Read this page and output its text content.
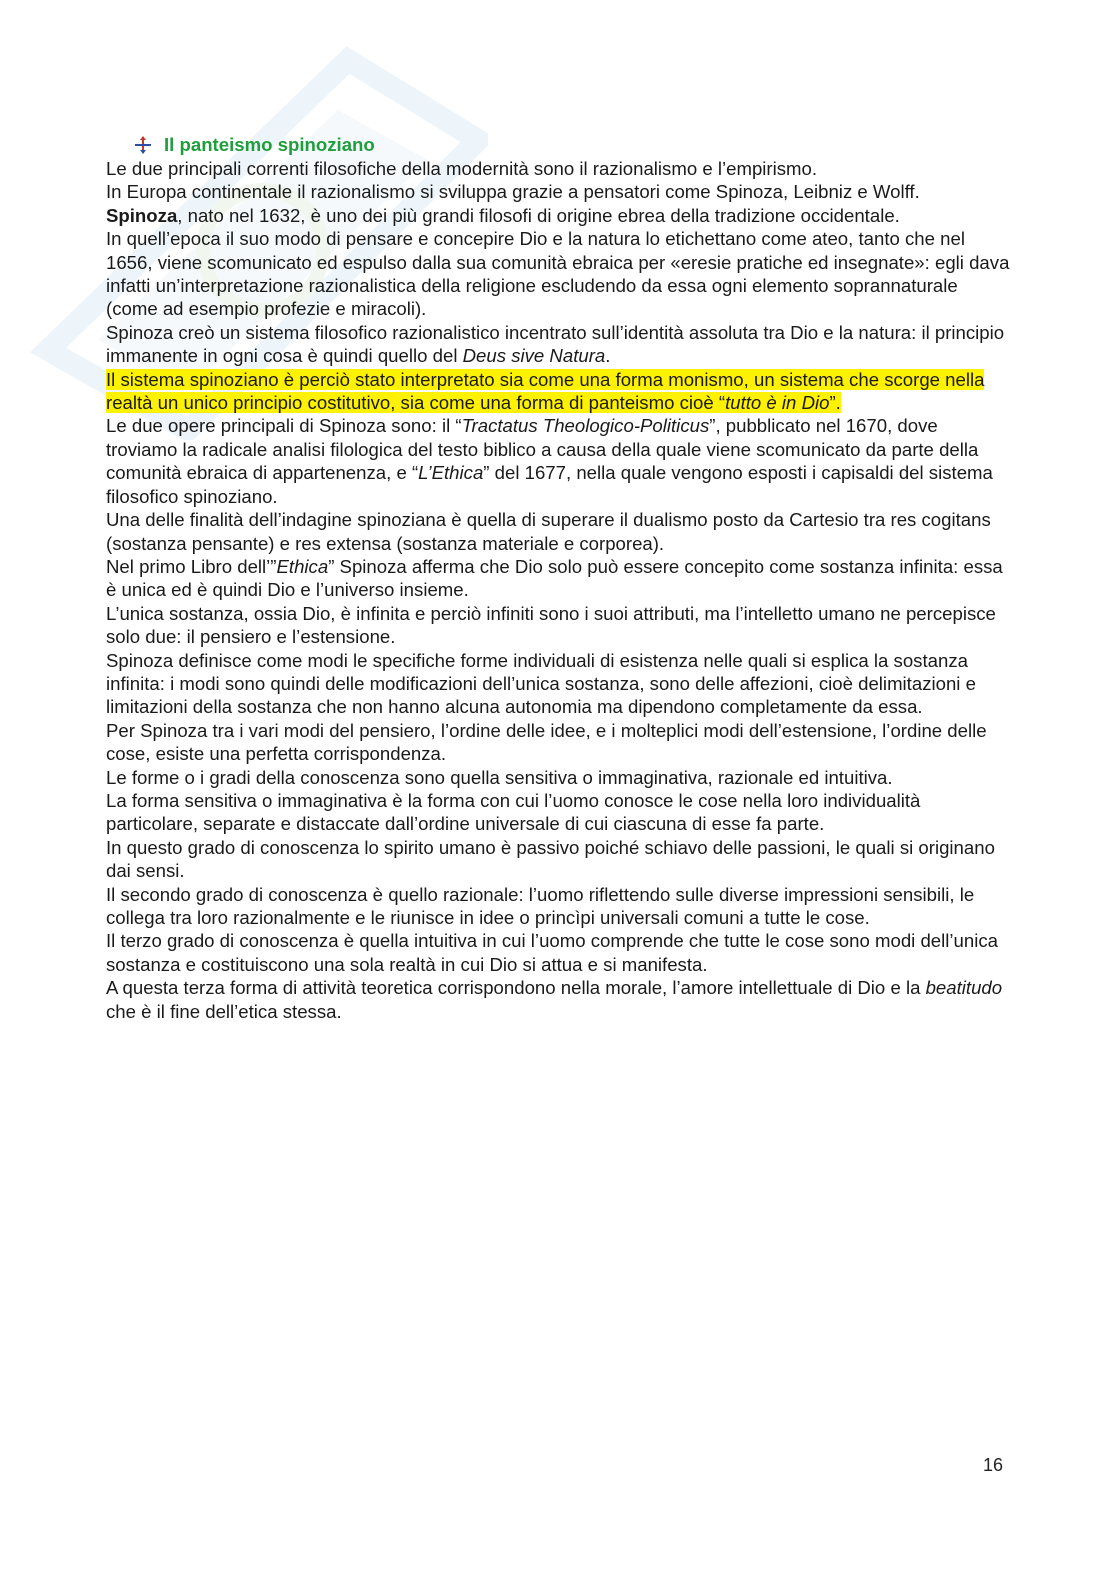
Il panteismo spinoziano

Le due principali correnti filosofiche della modernità sono il razionalismo e l’empirismo.

In Europa continentale il razionalismo si sviluppa grazie a pensatori come Spinoza, Leibniz e Wolff.

Spinoza, nato nel 1632, è uno dei più grandi filosofi di origine ebrea della tradizione occidentale.

In quell’epoca il suo modo di pensare e concepire Dio e la natura lo etichettano come ateo, tanto che nel 1656, viene scomunicato ed espulso dalla sua comunità ebraica per «eresie pratiche ed insegnate»: egli dava infatti un’interpretazione razionalistica della religione escludendo da essa ogni elemento soprannaturale (come ad esempio profezie e miracoli).

Spinoza creò un sistema filosofico razionalistico incentrato sull’identità assoluta tra Dio e la natura: il principio immanente in ogni cosa è quindi quello del Deus sive Natura.

Il sistema spinoziano è perciò stato interpretato sia come una forma monismo, un sistema che scorge nella realtà un unico principio costitutivo, sia come una forma di panteismo cioè “tutto è in Dio”.

Le due opere principali di Spinoza sono: il “Tractatus Theologico-Politicus”, pubblicato nel 1670, dove troviamo la radicale analisi filologica del testo biblico a causa della quale viene scomunicato da parte della comunità ebraica di appartenenza, e “L’Ethica” del 1677, nella quale vengono esposti i capisaldi del sistema filosofico spinoziano.

Una delle finalità dell’indagine spinoziana è quella di superare il dualismo posto da Cartesio tra res cogitans (sostanza pensante) e res extensa (sostanza materiale e corporea).

Nel primo Libro dell’”Ethica” Spinoza afferma che Dio solo può essere concepito come sostanza infinita: essa è unica ed è quindi Dio e l’universo insieme.

L’unica sostanza, ossia Dio, è infinita e perciò infiniti sono i suoi attributi, ma l’intelletto umano ne percepisce solo due: il pensiero e l’estensione.

Spinoza definisce come modi le specifiche forme individuali di esistenza nelle quali si esplica la sostanza infinita: i modi sono quindi delle modificazioni dell’unica sostanza, sono delle affezioni, cioè delimitazioni e limitazioni della sostanza che non hanno alcuna autonomia ma dipendono completamente da essa.

Per Spinoza tra i vari modi del pensiero, l’ordine delle idee, e i molteplici modi dell’estensione, l’ordine delle cose, esiste una perfetta corrispondenza.

Le forme o i gradi della conoscenza sono quella sensitiva o immaginativa, razionale ed intuitiva.

La forma sensitiva o immaginativa è la forma con cui l’uomo conosce le cose nella loro individualità particolare, separate e distaccate dall’ordine universale di cui ciascuna di esse fa parte.

In questo grado di conoscenza lo spirito umano è passivo poiché schiavo delle passioni, le quali si originano dai sensi.

Il secondo grado di conoscenza è quello razionale: l’uomo riflettendo sulle diverse impressioni sensibili, le collega tra loro razionalmente e le riunisce in idee o princìpi universali comuni a tutte le cose.

Il terzo grado di conoscenza è quella intuitiva in cui l’uomo comprende che tutte le cose sono modi dell’unica sostanza e costituiscono una sola realtà in cui Dio si attua e si manifesta.

A questa terza forma di attività teoretica corrispondono nella morale, l’amore intellettuale di Dio e la beatitudo che è il fine dell’etica stessa.

16
